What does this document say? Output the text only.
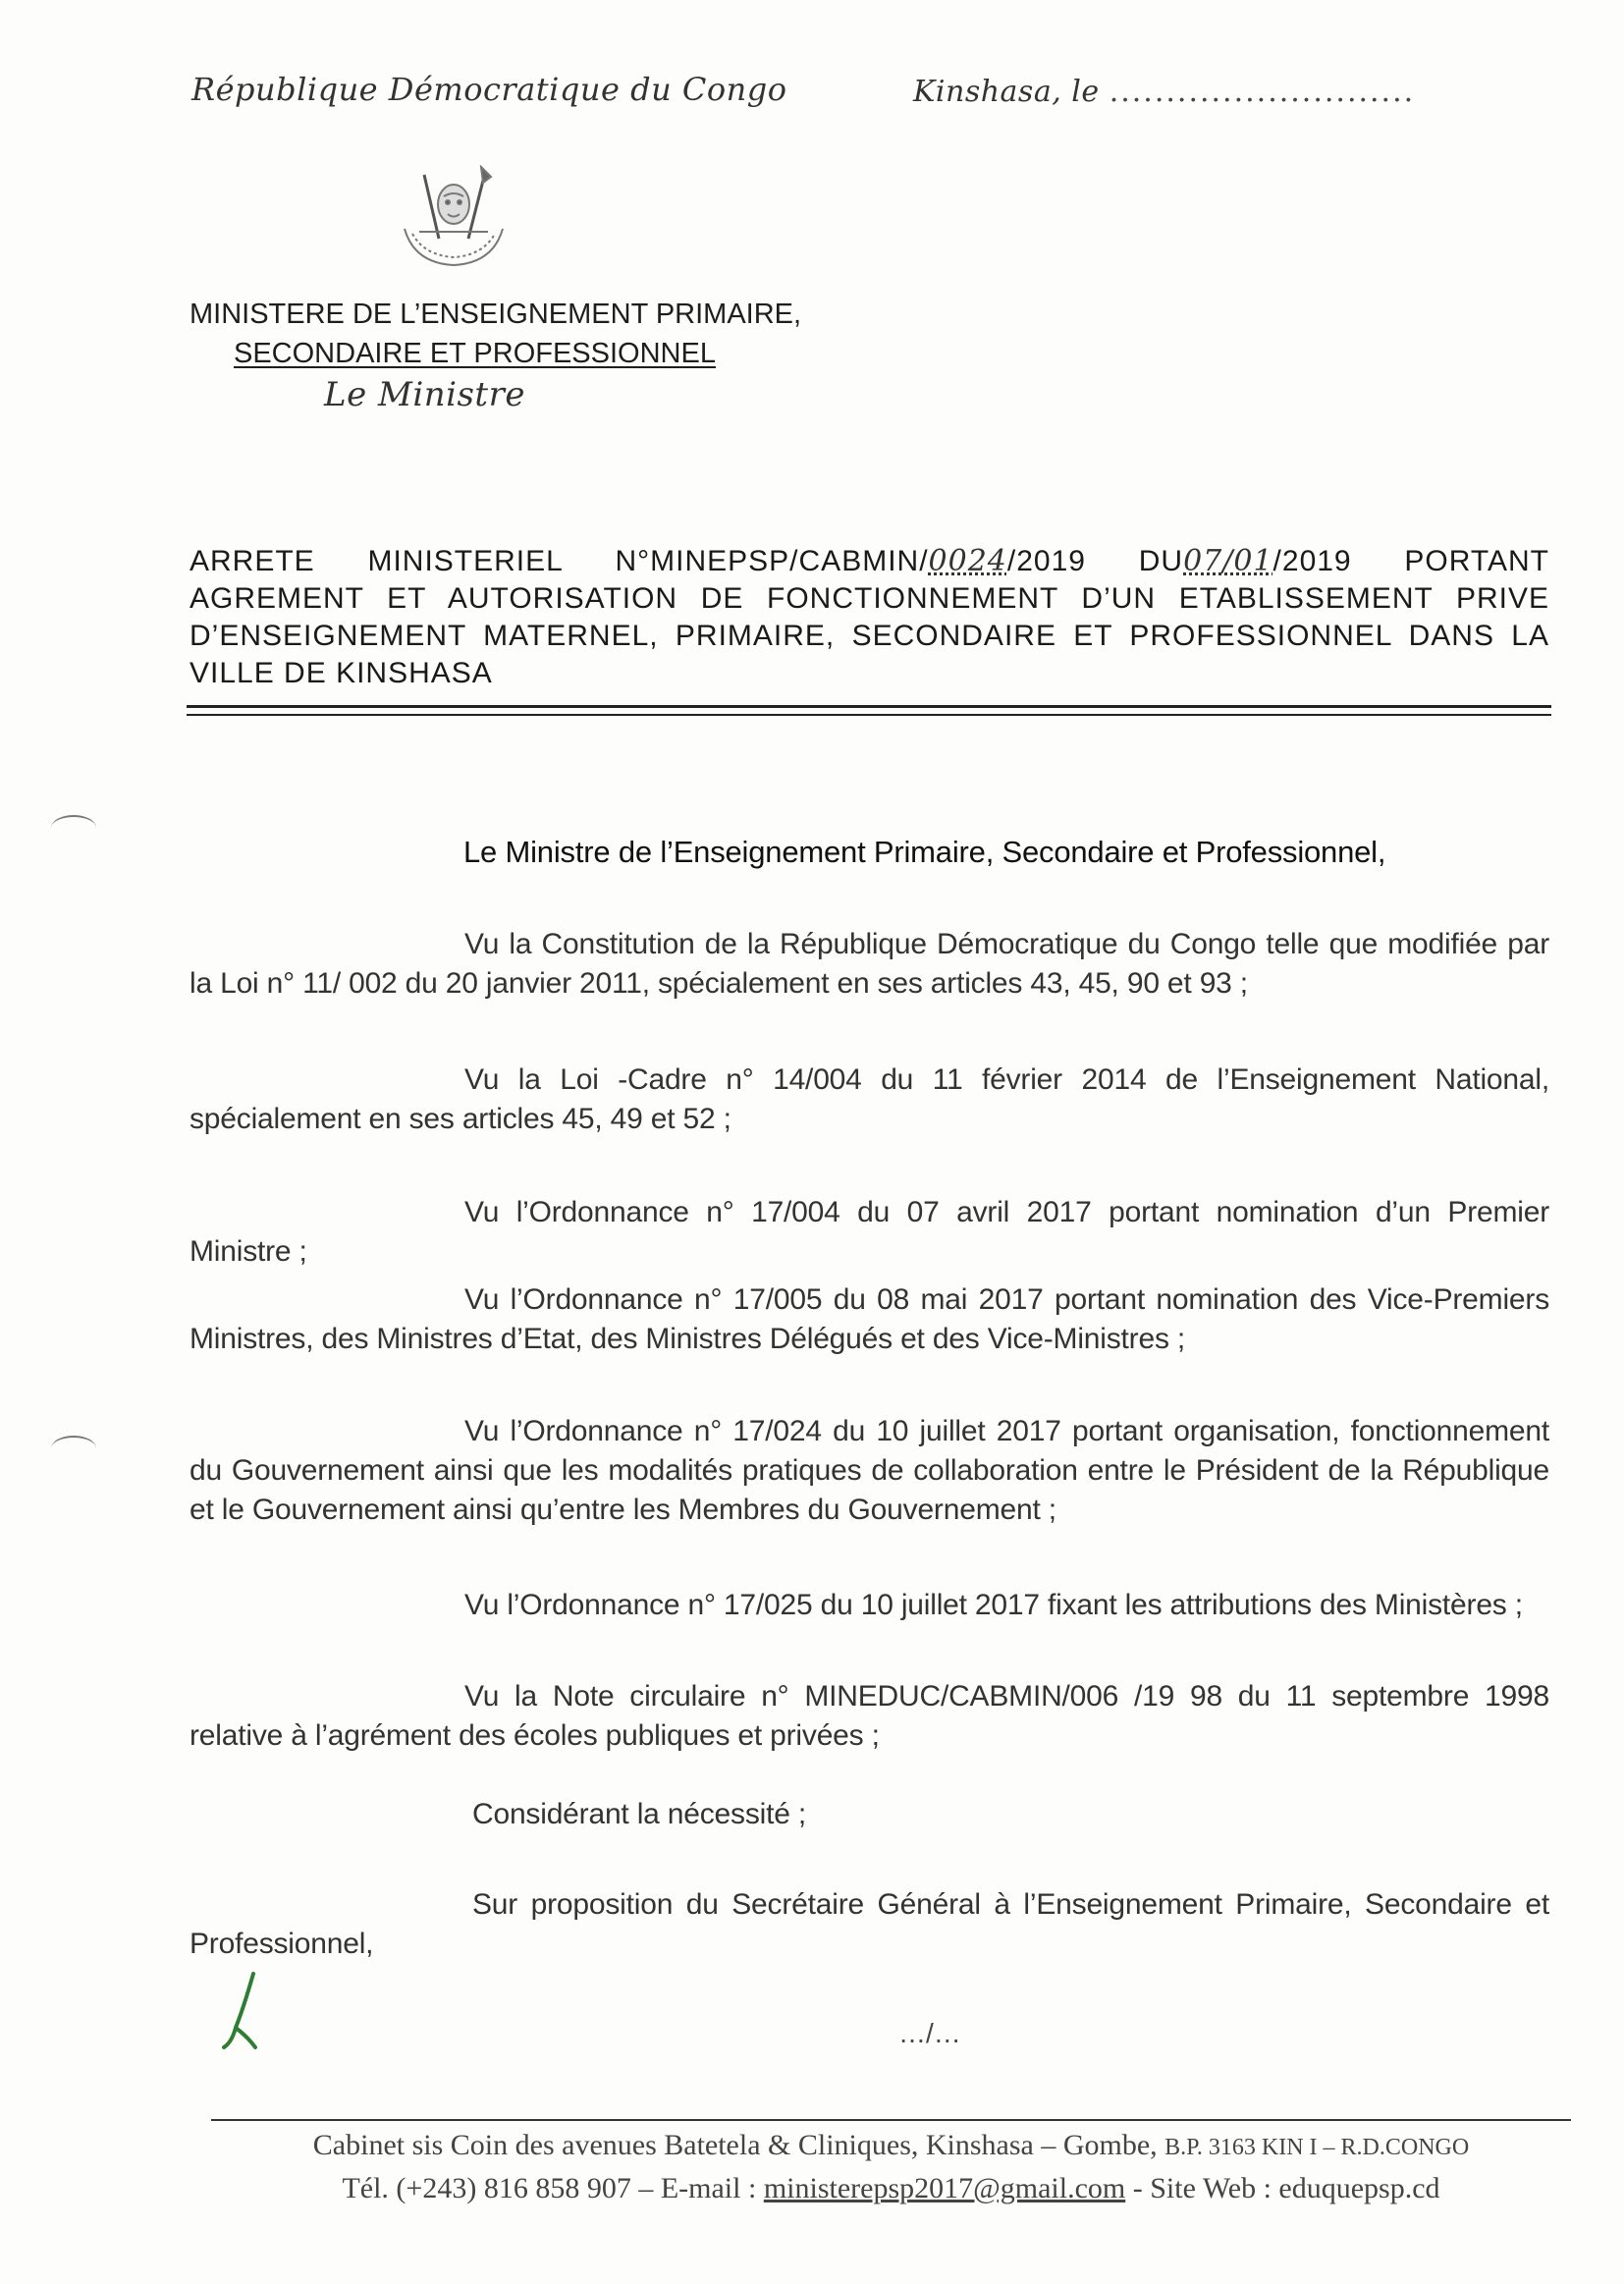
République Démocratique du Congo	Kinshasa, le ...........................
MINISTERE DE L’ENSEIGNEMENT PRIMAIRE,
SECONDAIRE ET PROFESSIONNEL
Le Ministre
ARRETE MINISTERIEL N°MINEPSP/CABMIN/0024/2019 DU07/01/2019 PORTANT AGREMENT ET AUTORISATION DE FONCTIONNEMENT D’UN ETABLISSEMENT PRIVE D’ENSEIGNEMENT MATERNEL, PRIMAIRE, SECONDAIRE ET PROFESSIONNEL DANS LA VILLE DE KINSHASA
Le Ministre de l’Enseignement Primaire, Secondaire et Professionnel,
Vu la Constitution de la République Démocratique du Congo telle que modifiée par la Loi n° 11/ 002 du 20 janvier 2011, spécialement en ses articles 43, 45, 90 et 93 ;
Vu la Loi -Cadre n° 14/004 du 11 février 2014 de l’Enseignement National, spécialement en ses articles 45, 49 et 52 ;
Vu l’Ordonnance n° 17/004 du 07 avril 2017 portant nomination d’un Premier Ministre ;
Vu l’Ordonnance n° 17/005 du 08 mai 2017 portant nomination des Vice-Premiers Ministres, des Ministres d’Etat, des Ministres Délégués et des Vice-Ministres ;
Vu l’Ordonnance n° 17/024 du 10 juillet 2017 portant organisation, fonctionnement du Gouvernement ainsi que les modalités pratiques de collaboration entre le Président de la République et le Gouvernement ainsi qu’entre les Membres du Gouvernement ;
Vu l’Ordonnance n° 17/025 du 10 juillet 2017 fixant les attributions des Ministères ;
Vu la Note circulaire n° MINEDUC/CABMIN/006 /19 98 du 11 septembre 1998 relative à l’agrément des écoles publiques et privées ;
Considérant la nécessité ;
Sur proposition du Secrétaire Général à l’Enseignement Primaire, Secondaire et Professionnel,
…/…
Cabinet sis Coin des avenues Batetela & Cliniques, Kinshasa – Gombe, B.P. 3163 KIN I – R.D.CONGO
Tél. (+243) 816 858 907 – E-mail : ministerepsp2017@gmail.com - Site Web : eduquepsp.cd
